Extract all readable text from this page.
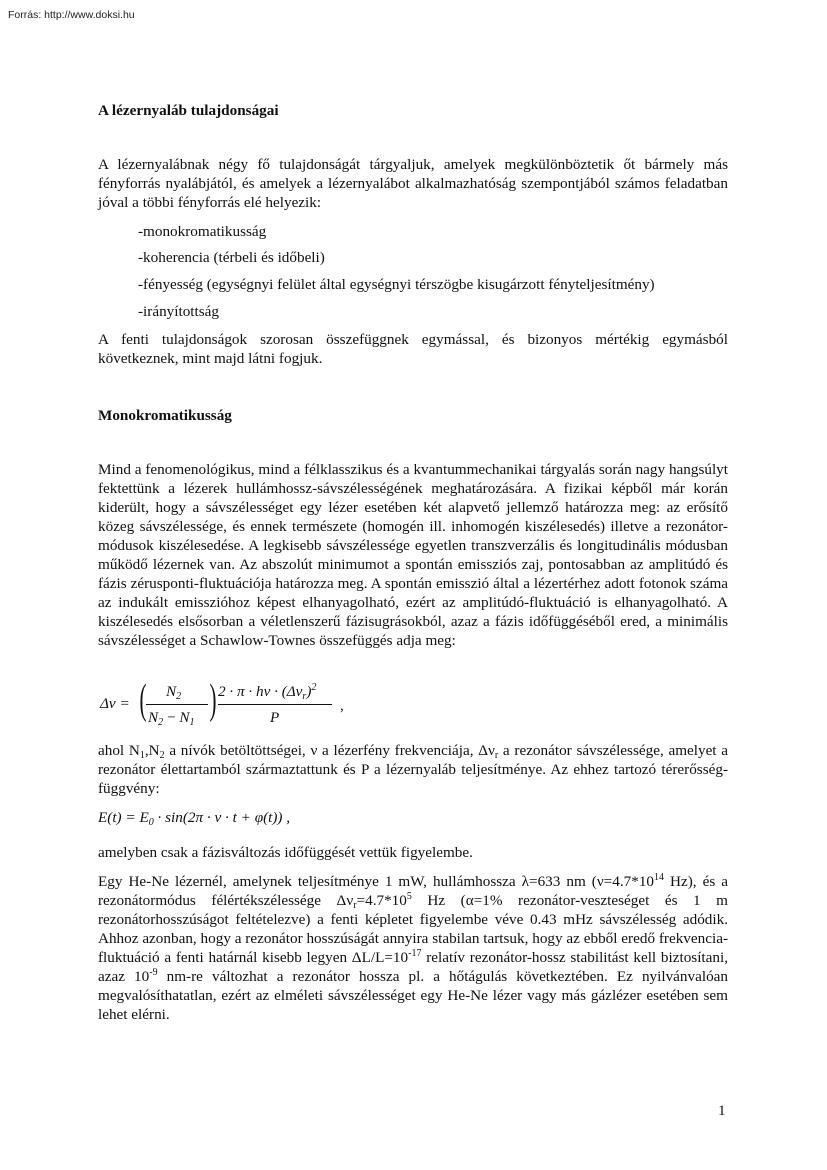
Forrás: http://www.doksi.hu
A lézernyaláb tulajdonságai
A lézernyalábnak négy fő tulajdonságát tárgyaljuk, amelyek megkülönböztetik őt bármely más fényforrás nyalábjától, és amelyek a lézernyalábot alkalmazhatóság szempontjából számos feladatban jóval a többi fényforrás elé helyezik:
-monokromatikusság
-koherencia (térbeli és időbeli)
-fényesség (egységnyi felület által egységnyi térszögbe kisugárzott fényteljesítmény)
-irányítottság
A fenti tulajdonságok szorosan összefüggnek egymással, és bizonyos mértékig egymásból következnek, mint majd látni fogjuk.
Monokromatikusság
Mind a fenomenológikus, mind a félklasszikus és a kvantummechanikai tárgyalás során nagy hangsúlyt fektettünk a lézerek hullámhossz-sávszélességének meghatározására. A fizikai képből már korán kiderült, hogy a sávszélességet egy lézer esetében két alapvető jellemző határozza meg: az erősítő közeg sávszélessége, és ennek természete (homogén ill. inhomogén kiszélesedés) illetve a rezonátor-módusok kiszélesedése. A legkisebb sávszélessége egyetlen transzverzális és longitudinális módusban működő lézernek van. Az abszolút minimumot a spontán emissziós zaj, pontosabban az amplitúdó és fázis zérusponti-fluktuációja határozza meg. A spontán emisszió által a lézertérhez adott fotonok száma az indukált emisszióhoz képest elhanyagolható, ezért az amplitúdó-fluktuáció is elhanyagolható. A kiszélesedés elsősorban a véletlenszerű fázisugrásokból, azaz a fázis időfüggéséből ered, a minimális sávszélességet a Schawlow-Townes összefüggés adja meg:
Δν = ( $N_2$
$N_2 - N_1$ ) $2 \cdot \pi \cdot h\nu \cdot (\Delta\nu_r)^2$
P
,
ahol $N_1,N_2$ a nívók betöltöttségei, ν a lézerfény frekvenciája, $\Delta\nu_r$ a rezonátor sávszélessége, amelyet a rezonátor élettartamból származtattunk és P a lézernyaláb teljesítménye. Az ehhez tartozó térerősség-függvény:
$E(t) = E_0 \cdot \sin(2\pi \cdot \nu \cdot t + \varphi(t))$ ,
amelyben csak a fázisváltozás időfüggését vettük figyelembe.
Egy He-Ne lézernél, amelynek teljesítménye 1 mW, hullámhossza λ=633 nm ($\nu=4.7*10^{14}$ Hz), és a rezonátormódus félértékszélessége $\Delta\nu_r=4.7*10^5$ Hz (α=1% rezonátor-veszteséget és 1 m rezonátorhosszúságot feltételezve) a fenti képletet figyelembe véve 0.43 mHz sávszélesség adódik. Ahhoz azonban, hogy a rezonátor hosszúságát annyira stabilan tartsuk, hogy az ebből eredő frekvencia-fluktuáció a fenti határnál kisebb legyen $\Delta L/L=10^{-17}$ relatív rezonátor-hossz stabilitást kell biztosítani, azaz $10^{-9}$ nm-re változhat a rezonátor hossza pl. a hőtágulás következtében. Ez nyilvánvalóan megvalósíthatatlan, ezért az elméleti sávszélességet egy He-Ne lézer vagy más gázlézer esetében sem lehet elérni.
1
